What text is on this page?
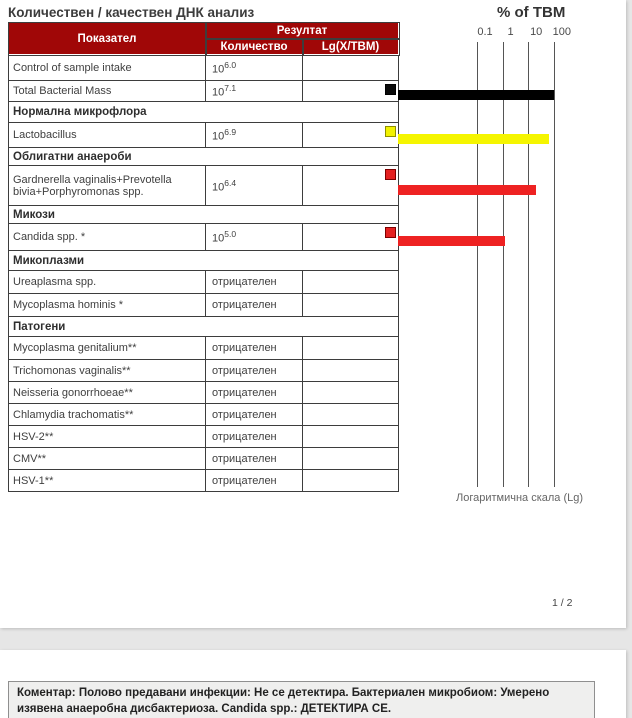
Количествен / качествен ДНК анализ
Показател	Резултат	
	Количество	Lg(X/TBM)
Control of sample intake	$10^{6.0}$	
Total Bacterial Mass	$10^{7.1}$	

Нормална микрофлора		
Lactobacillus	$10^{6.9}$	

Облигатни анаероби		
Gardnerella vaginalis+Prevotella bivia+Porphyromonas spp.	$10^{6.4}$	

Микози		
Candida spp. *	$10^{5.0}$	

Микоплазми		
Ureaplasma spp.	отрицателен	
Mycoplasma hominis *	отрицателен	
Патогени		
Mycoplasma genitalium**	отрицателен	
Trichomonas vaginalis**	отрицателен	
Neisseria gonorrhoeae**	отрицателен	
Chlamydia trachomatis**	отрицателен	
HSV-2**	отрицателен	
CMV**	отрицателен	
HSV-1**	отрицателен	
% of TBM
Логаритмична скала (Lg)
0.1 1 10 100
1 / 2
Коментар: Полово предавани инфекции: Не се детектира. Бактериален микробиом: Умерено изявена анаеробна дисбактериоза. Candida spp.: ДЕТЕКТИРА СЕ.
